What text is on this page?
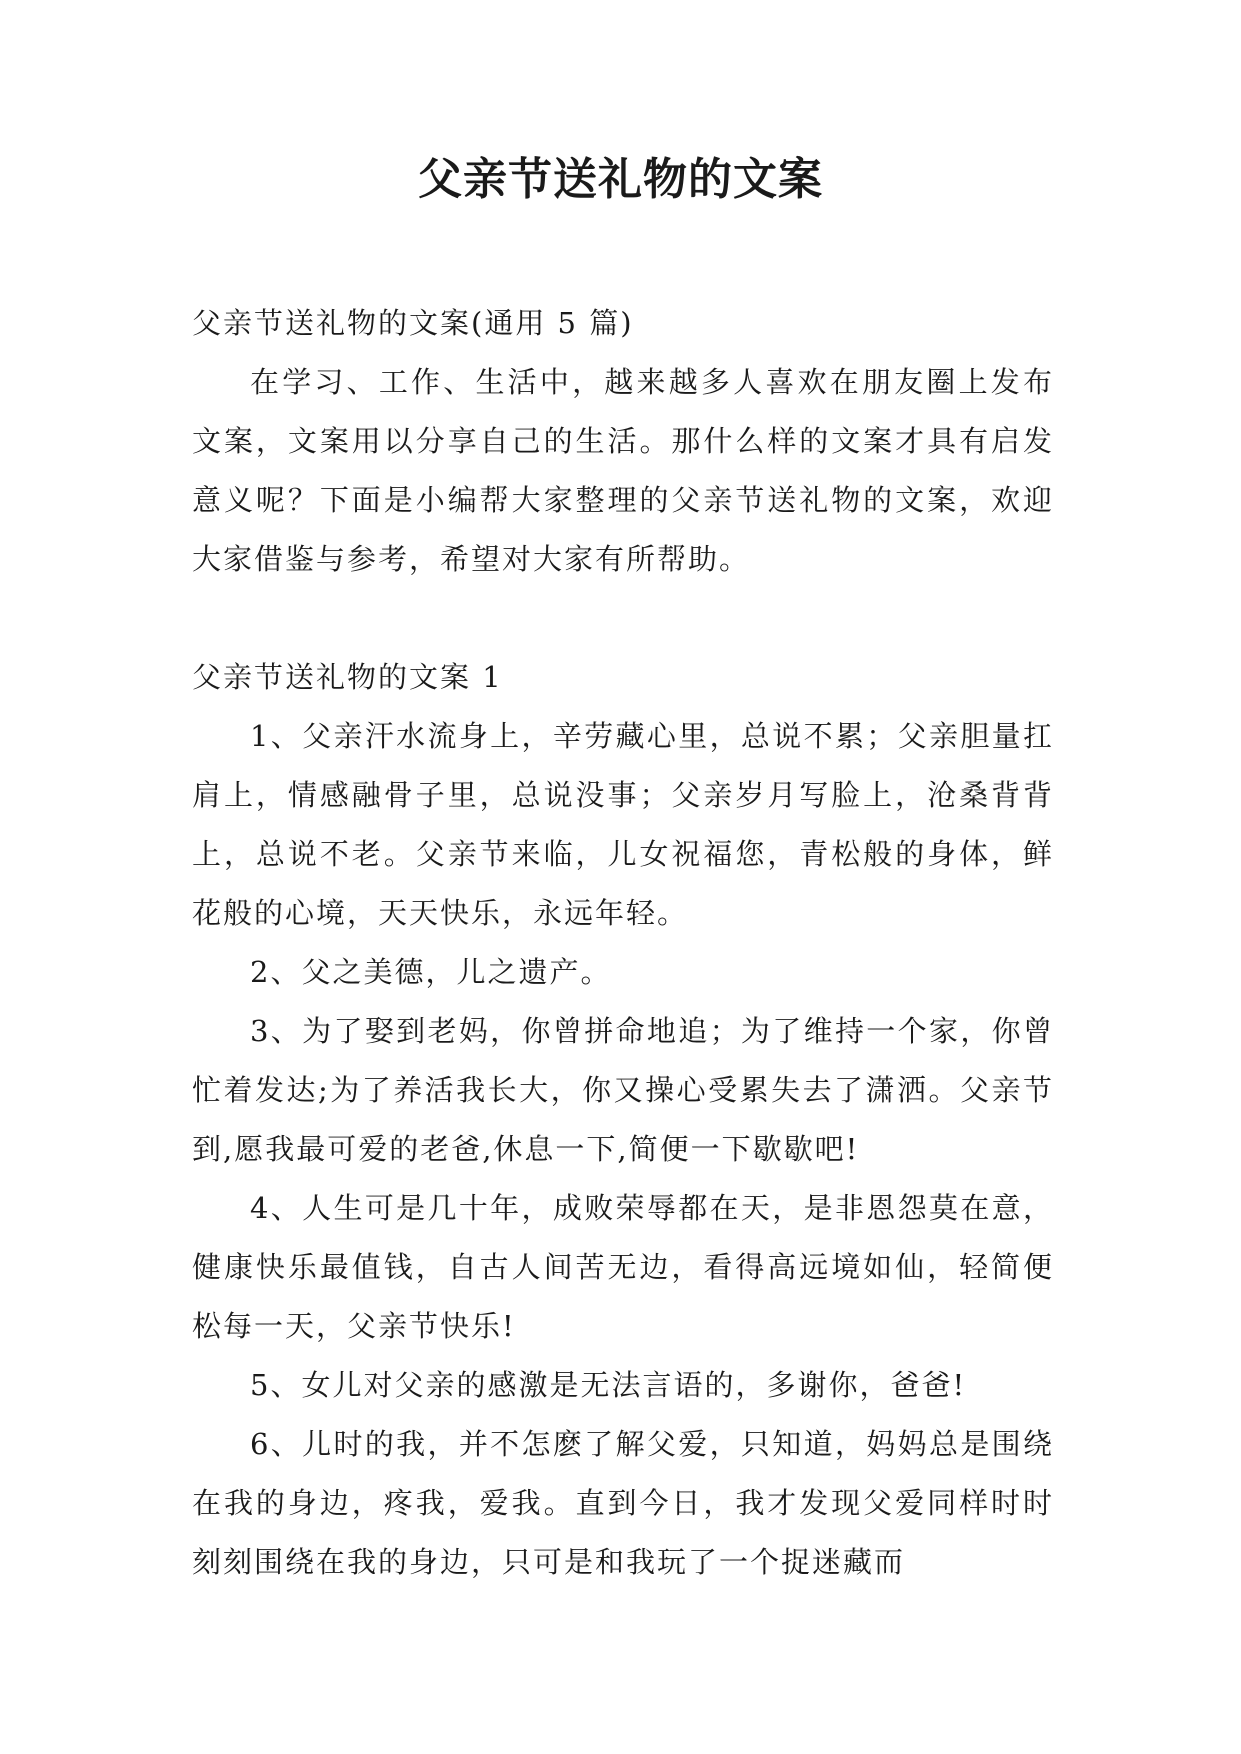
父亲节送礼物的文案

父亲节送礼物的文案(通用 5 篇)

在学习、工作、生活中，越来越多人喜欢在朋友圈上发布文案，文案用以分享自己的生活。那什么样的文案才具有启发意义呢？下面是小编帮大家整理的父亲节送礼物的文案，欢迎大家借鉴与参考，希望对大家有所帮助。

父亲节送礼物的文案 1

1、父亲汗水流身上，辛劳藏心里，总说不累；父亲胆量扛肩上，情感融骨子里，总说没事；父亲岁月写脸上，沧桑背背上，总说不老。父亲节来临，儿女祝福您，青松般的身体，鲜花般的心境，天天快乐，永远年轻。

2、父之美德，儿之遗产。

3、为了娶到老妈，你曾拼命地追；为了维持一个家，你曾忙着发达;为了养活我长大，你又操心受累失去了潇洒。父亲节到,愿我最可爱的老爸,休息一下,简便一下歇歇吧!

4、人生可是几十年，成败荣辱都在天，是非恩怨莫在意，健康快乐最值钱，自古人间苦无边，看得高远境如仙，轻简便松每一天，父亲节快乐!

5、女儿对父亲的感激是无法言语的，多谢你，爸爸!

6、儿时的我，并不怎麽了解父爱，只知道，妈妈总是围绕在我的身边，疼我，爱我。直到今日，我才发现父爱同样时时刻刻围绕在我的身边，只可是和我玩了一个捉迷藏而
